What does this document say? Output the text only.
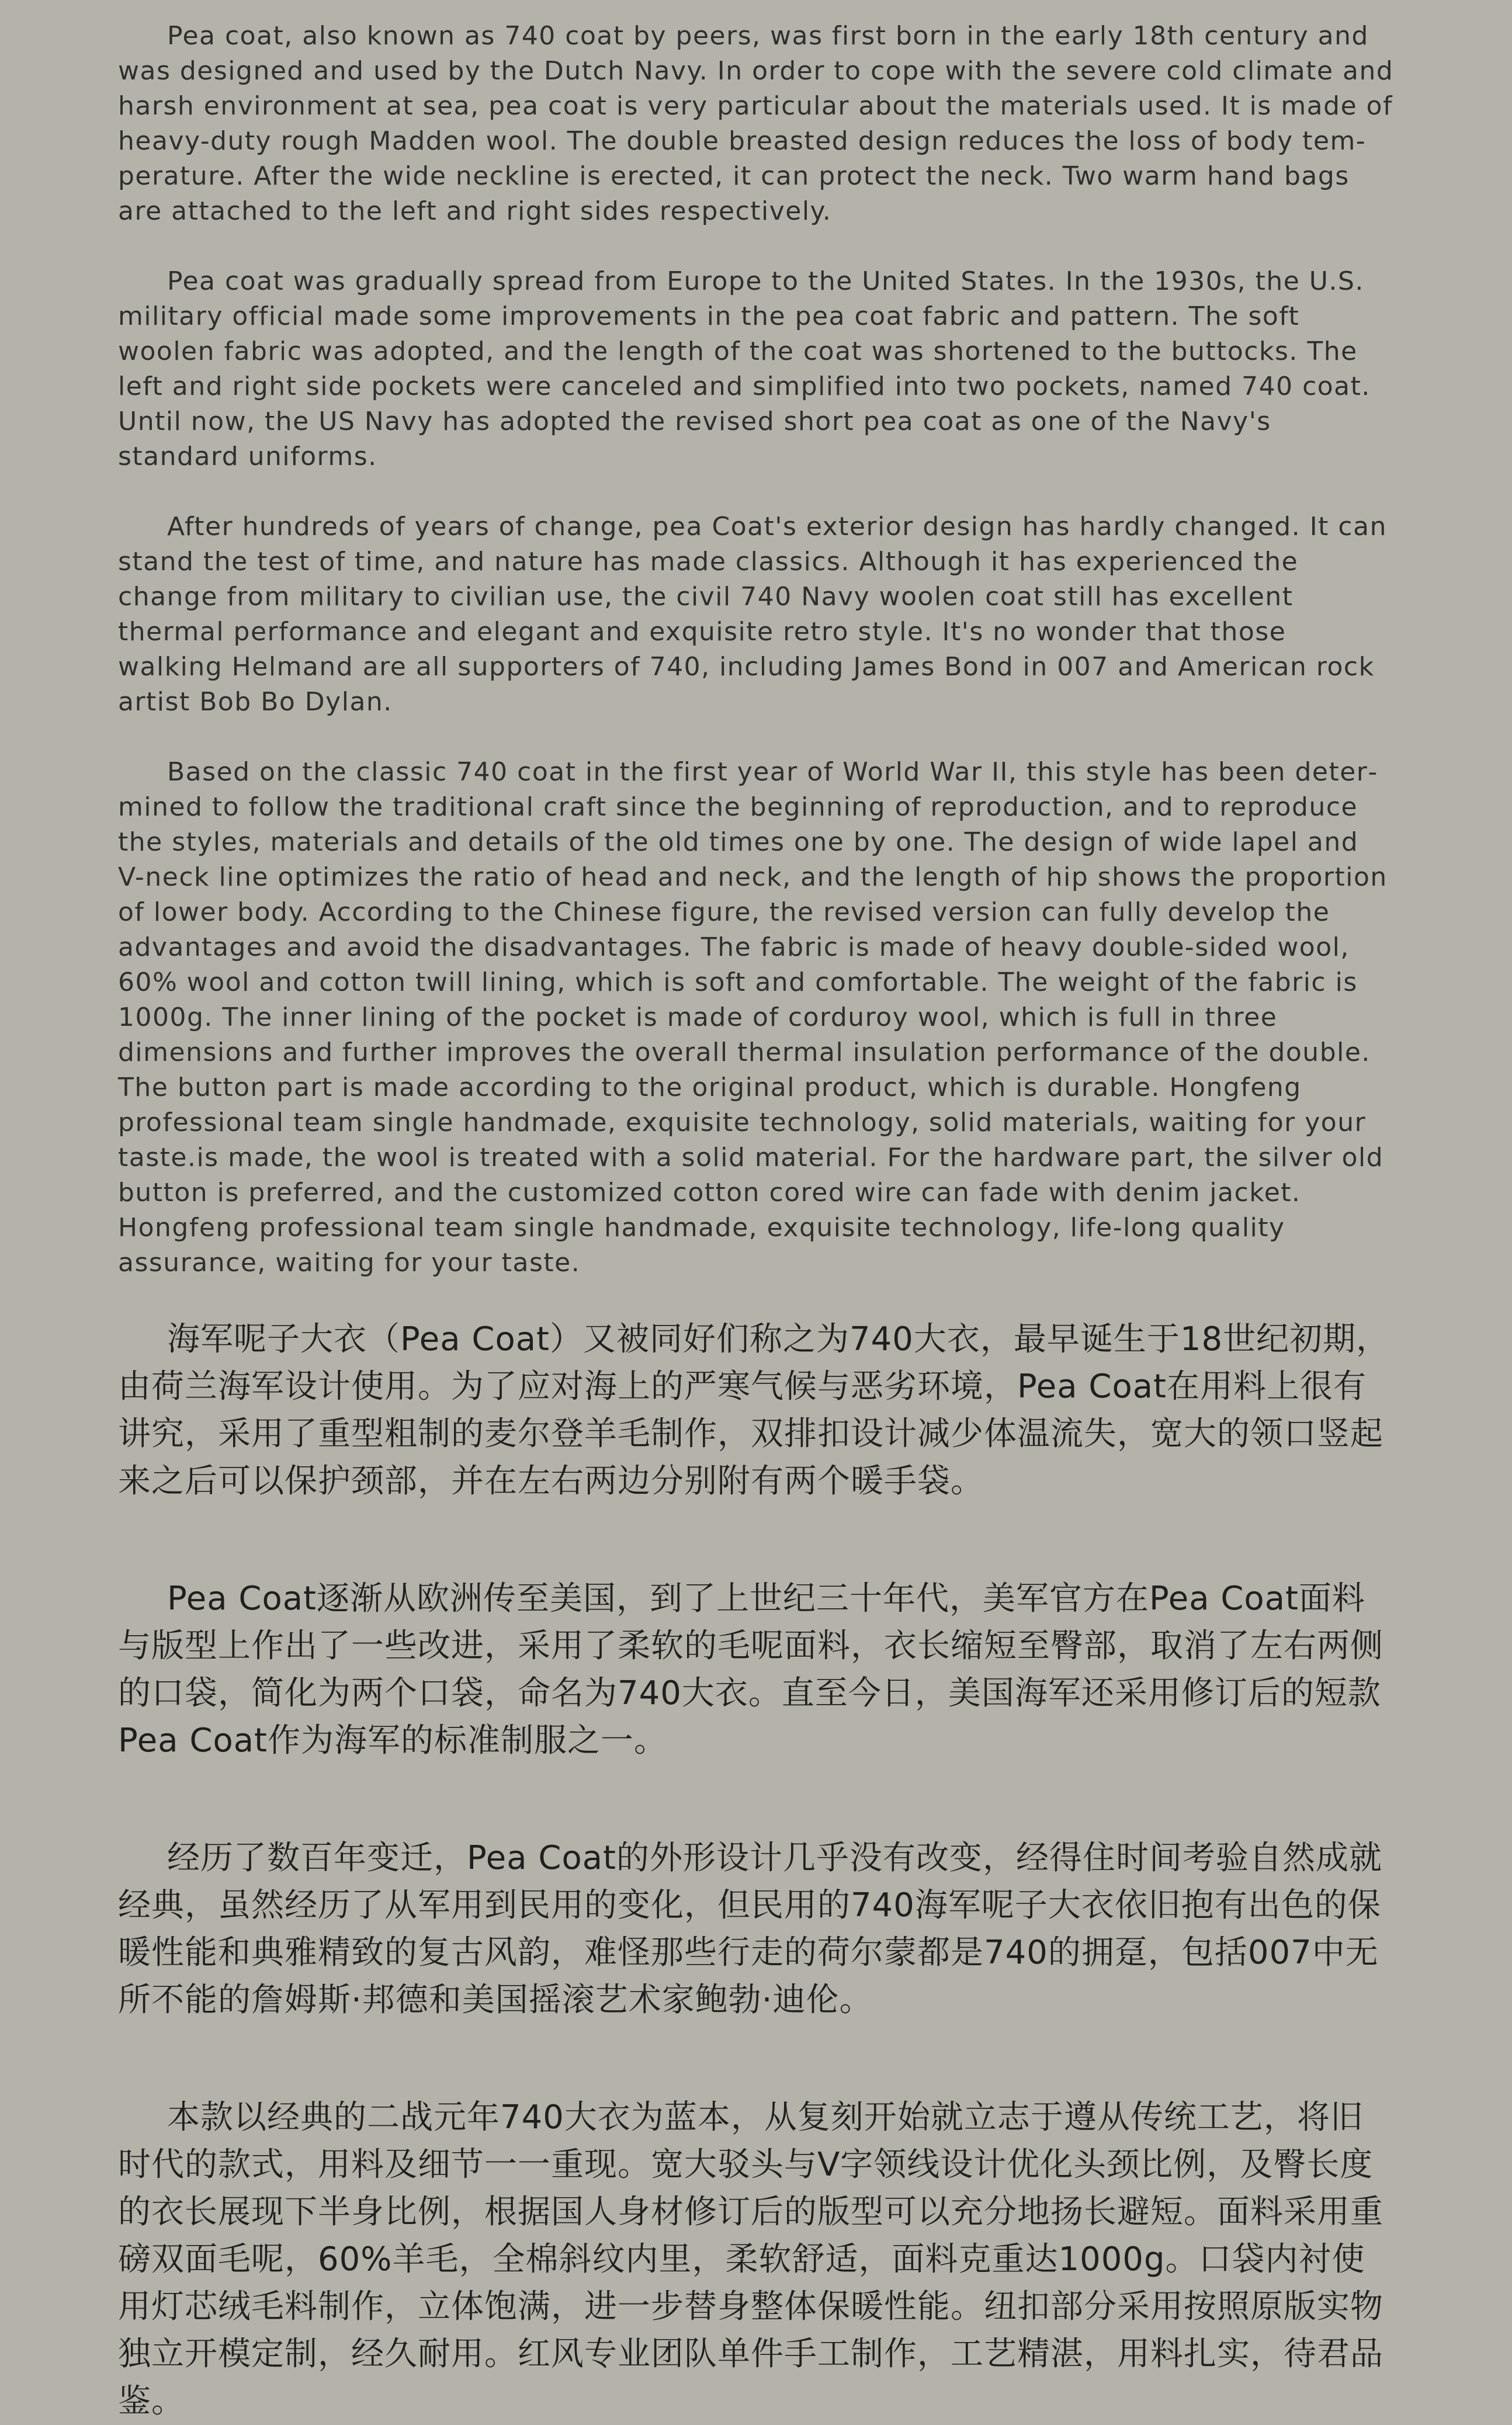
Pea coat, also known as 740 coat by peers, was first born in the early 18th century and was designed and used by the Dutch Navy. In order to cope with the severe cold climate and harsh environment at sea, pea coat is very particular about the materials used. It is made of heavy-duty rough Madden wool. The double breasted design reduces the loss of body temperature. After the wide neckline is erected, it can protect the neck. Two warm hand bags are attached to the left and right sides respectively.

Pea coat was gradually spread from Europe to the United States. In the 1930s, the U.S. military official made some improvements in the pea coat fabric and pattern. The soft woolen fabric was adopted, and the length of the coat was shortened to the buttocks. The left and right side pockets were canceled and simplified into two pockets, named 740 coat. Until now, the US Navy has adopted the revised short pea coat as one of the Navy's standard uniforms.

After hundreds of years of change, pea Coat's exterior design has hardly changed. It can stand the test of time, and nature has made classics. Although it has experienced the change from military to civilian use, the civil 740 Navy woolen coat still has excellent thermal performance and elegant and exquisite retro style. It's no wonder that those walking Helmand are all supporters of 740, including James Bond in 007 and American rock artist Bob Bo Dylan.

Based on the classic 740 coat in the first year of World War II, this style has been determined to follow the traditional craft since the beginning of reproduction, and to reproduce the styles, materials and details of the old times one by one. The design of wide lapel and V-neck line optimizes the ratio of head and neck, and the length of hip shows the proportion of lower body. According to the Chinese figure, the revised version can fully develop the advantages and avoid the disadvantages. The fabric is made of heavy double-sided wool, 60% wool and cotton twill lining, which is soft and comfortable. The weight of the fabric is 1000g. The inner lining of the pocket is made of corduroy wool, which is full in three dimensions and further improves the overall thermal insulation performance of the double. The button part is made according to the original product, which is durable. Hongfeng professional team single handmade, exquisite technology, solid materials, waiting for your taste.is made, the wool is treated with a solid material. For the hardware part, the silver old button is preferred, and the customized cotton cored wire can fade with denim jacket. Hongfeng professional team single handmade, exquisite technology, life-long quality assurance, waiting for your taste.

海军呢子大衣（Pea Coat）又被同好们称之为740大衣，最早诞生于18世纪初期，由荷兰海军设计使用。为了应对海上的严寒气候与恶劣环境，Pea Coat在用料上很有讲究，采用了重型粗制的麦尔登羊毛制作，双排扣设计减少体温流失，宽大的领口竖起来之后可以保护颈部，并在左右两边分别附有两个暖手袋。

Pea Coat逐渐从欧洲传至美国，到了上世纪三十年代，美军官方在Pea Coat面料与版型上作出了一些改进，采用了柔软的毛呢面料，衣长缩短至臀部，取消了左右两侧的口袋，简化为两个口袋，命名为740大衣。直至今日，美国海军还采用修订后的短款Pea Coat作为海军的标准制服之一。

经历了数百年变迁，Pea Coat的外形设计几乎没有改变，经得住时间考验自然成就经典，虽然经历了从军用到民用的变化，但民用的740海军呢子大衣依旧抱有出色的保暖性能和典雅精致的复古风韵，难怪那些行走的荷尔蒙都是740的拥趸，包括007中无所不能的詹姆斯·邦德和美国摇滚艺术家鲍勃·迪伦。

本款以经典的二战元年740大衣为蓝本，从复刻开始就立志于遵从传统工艺，将旧时代的款式，用料及细节一一重现。宽大驳头与V字领线设计优化头颈比例，及臀长度的衣长展现下半身比例，根据国人身材修订后的版型可以充分地扬长避短。面料采用重磅双面毛呢，60%羊毛，全棉斜纹内里，柔软舒适，面料克重达1000g。口袋内衬使用灯芯绒毛料制作，立体饱满，进一步替身整体保暖性能。纽扣部分采用按照原版实物独立开模定制，经久耐用。红风专业团队单件手工制作，工艺精湛，用料扎实，待君品鉴。
